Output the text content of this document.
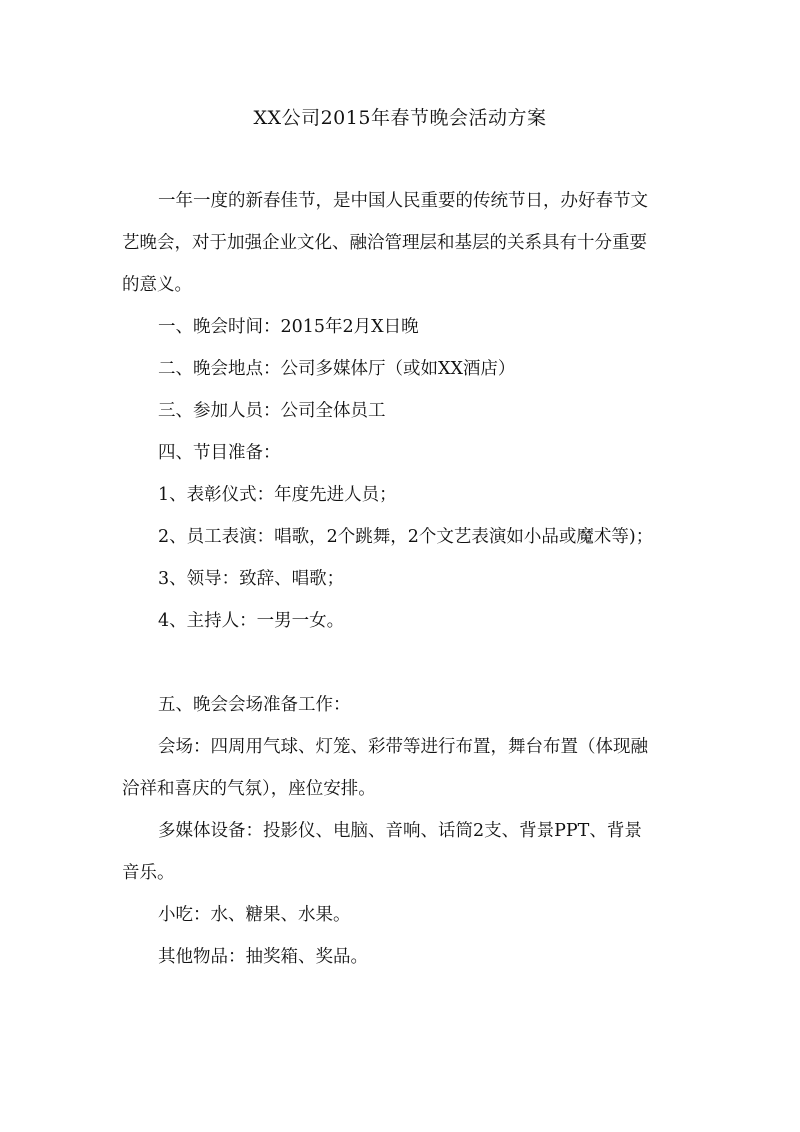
XX公司2015年春节晚会活动方案

一年一度的新春佳节，是中国人民重要的传统节日，办好春节文

艺晚会，对于加强企业文化、融洽管理层和基层的关系具有十分重要

的意义。

一、晚会时间：2015年2月X日晚

二、晚会地点：公司多媒体厅（或如XX酒店）

三、参加人员：公司全体员工

四、节目准备：

1、表彰仪式：年度先进人员；

2、员工表演：唱歌，2个跳舞，2个文艺表演如小品或魔术等)；

3、领导：致辞、唱歌；

4、主持人：一男一女。

五、晚会会场准备工作：

会场：四周用气球、灯笼、彩带等进行布置，舞台布置（体现融

洽祥和喜庆的气氛），座位安排。

多媒体设备：投影仪、电脑、音响、话筒2支、背景PPT、背景

音乐。

小吃：水、糖果、水果。

其他物品：抽奖箱、奖品。
